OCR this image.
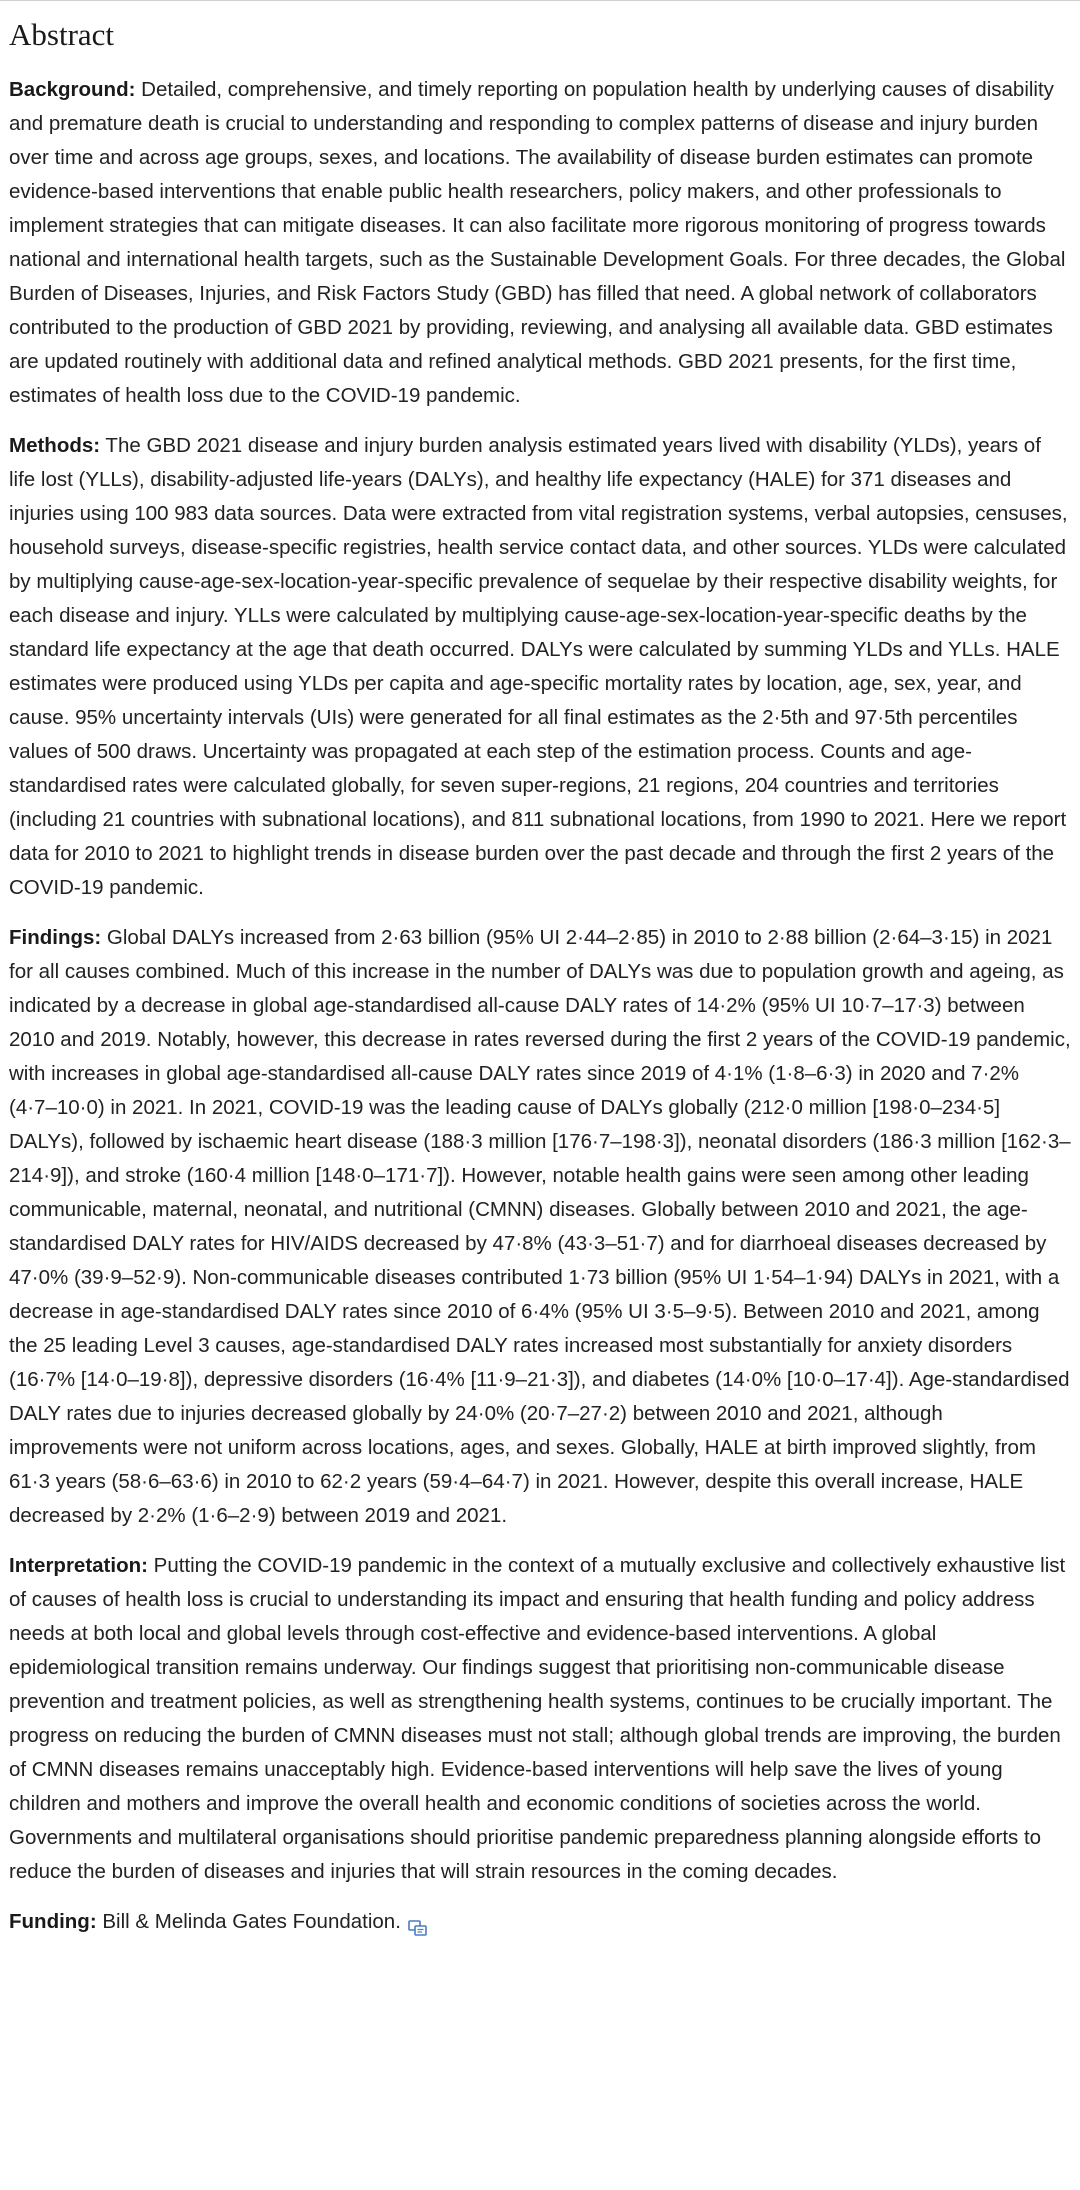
Abstract

Background: Detailed, comprehensive, and timely reporting on population health by underlying causes of disability and premature death is crucial to understanding and responding to complex patterns of disease and injury burden over time and across age groups, sexes, and locations. The availability of disease burden estimates can promote evidence-based interventions that enable public health researchers, policy makers, and other professionals to implement strategies that can mitigate diseases. It can also facilitate more rigorous monitoring of progress towards national and international health targets, such as the Sustainable Development Goals. For three decades, the Global Burden of Diseases, Injuries, and Risk Factors Study (GBD) has filled that need. A global network of collaborators contributed to the production of GBD 2021 by providing, reviewing, and analysing all available data. GBD estimates are updated routinely with additional data and refined analytical methods. GBD 2021 presents, for the first time, estimates of health loss due to the COVID-19 pandemic.

Methods: The GBD 2021 disease and injury burden analysis estimated years lived with disability (YLDs), years of life lost (YLLs), disability-adjusted life-years (DALYs), and healthy life expectancy (HALE) for 371 diseases and injuries using 100 983 data sources. Data were extracted from vital registration systems, verbal autopsies, censuses, household surveys, disease-specific registries, health service contact data, and other sources. YLDs were calculated by multiplying cause-age-sex-location-year-specific prevalence of sequelae by their respective disability weights, for each disease and injury. YLLs were calculated by multiplying cause-age-sex-location-year-specific deaths by the standard life expectancy at the age that death occurred. DALYs were calculated by summing YLDs and YLLs. HALE estimates were produced using YLDs per capita and age-specific mortality rates by location, age, sex, year, and cause. 95% uncertainty intervals (UIs) were generated for all final estimates as the 2·5th and 97·5th percentiles values of 500 draws. Uncertainty was propagated at each step of the estimation process. Counts and age-standardised rates were calculated globally, for seven super-regions, 21 regions, 204 countries and territories (including 21 countries with subnational locations), and 811 subnational locations, from 1990 to 2021. Here we report data for 2010 to 2021 to highlight trends in disease burden over the past decade and through the first 2 years of the COVID-19 pandemic.

Findings: Global DALYs increased from 2·63 billion (95% UI 2·44–2·85) in 2010 to 2·88 billion (2·64–3·15) in 2021 for all causes combined. Much of this increase in the number of DALYs was due to population growth and ageing, as indicated by a decrease in global age-standardised all-cause DALY rates of 14·2% (95% UI 10·7–17·3) between 2010 and 2019. Notably, however, this decrease in rates reversed during the first 2 years of the COVID-19 pandemic, with increases in global age-standardised all-cause DALY rates since 2019 of 4·1% (1·8–6·3) in 2020 and 7·2% (4·7–10·0) in 2021. In 2021, COVID-19 was the leading cause of DALYs globally (212·0 million [198·0–234·5] DALYs), followed by ischaemic heart disease (188·3 million [176·7–198·3]), neonatal disorders (186·3 million [162·3–214·9]), and stroke (160·4 million [148·0–171·7]). However, notable health gains were seen among other leading communicable, maternal, neonatal, and nutritional (CMNN) diseases. Globally between 2010 and 2021, the age-standardised DALY rates for HIV/AIDS decreased by 47·8% (43·3–51·7) and for diarrhoeal diseases decreased by 47·0% (39·9–52·9). Non-communicable diseases contributed 1·73 billion (95% UI 1·54–1·94) DALYs in 2021, with a decrease in age-standardised DALY rates since 2010 of 6·4% (95% UI 3·5–9·5). Between 2010 and 2021, among the 25 leading Level 3 causes, age-standardised DALY rates increased most substantially for anxiety disorders (16·7% [14·0–19·8]), depressive disorders (16·4% [11·9–21·3]), and diabetes (14·0% [10·0–17·4]). Age-standardised DALY rates due to injuries decreased globally by 24·0% (20·7–27·2) between 2010 and 2021, although improvements were not uniform across locations, ages, and sexes. Globally, HALE at birth improved slightly, from 61·3 years (58·6–63·6) in 2010 to 62·2 years (59·4–64·7) in 2021. However, despite this overall increase, HALE decreased by 2·2% (1·6–2·9) between 2019 and 2021.

Interpretation: Putting the COVID-19 pandemic in the context of a mutually exclusive and collectively exhaustive list of causes of health loss is crucial to understanding its impact and ensuring that health funding and policy address needs at both local and global levels through cost-effective and evidence-based interventions. A global epidemiological transition remains underway. Our findings suggest that prioritising non-communicable disease prevention and treatment policies, as well as strengthening health systems, continues to be crucially important. The progress on reducing the burden of CMNN diseases must not stall; although global trends are improving, the burden of CMNN diseases remains unacceptably high. Evidence-based interventions will help save the lives of young children and mothers and improve the overall health and economic conditions of societies across the world. Governments and multilateral organisations should prioritise pandemic preparedness planning alongside efforts to reduce the burden of diseases and injuries that will strain resources in the coming decades.

Funding: Bill & Melinda Gates Foundation.
